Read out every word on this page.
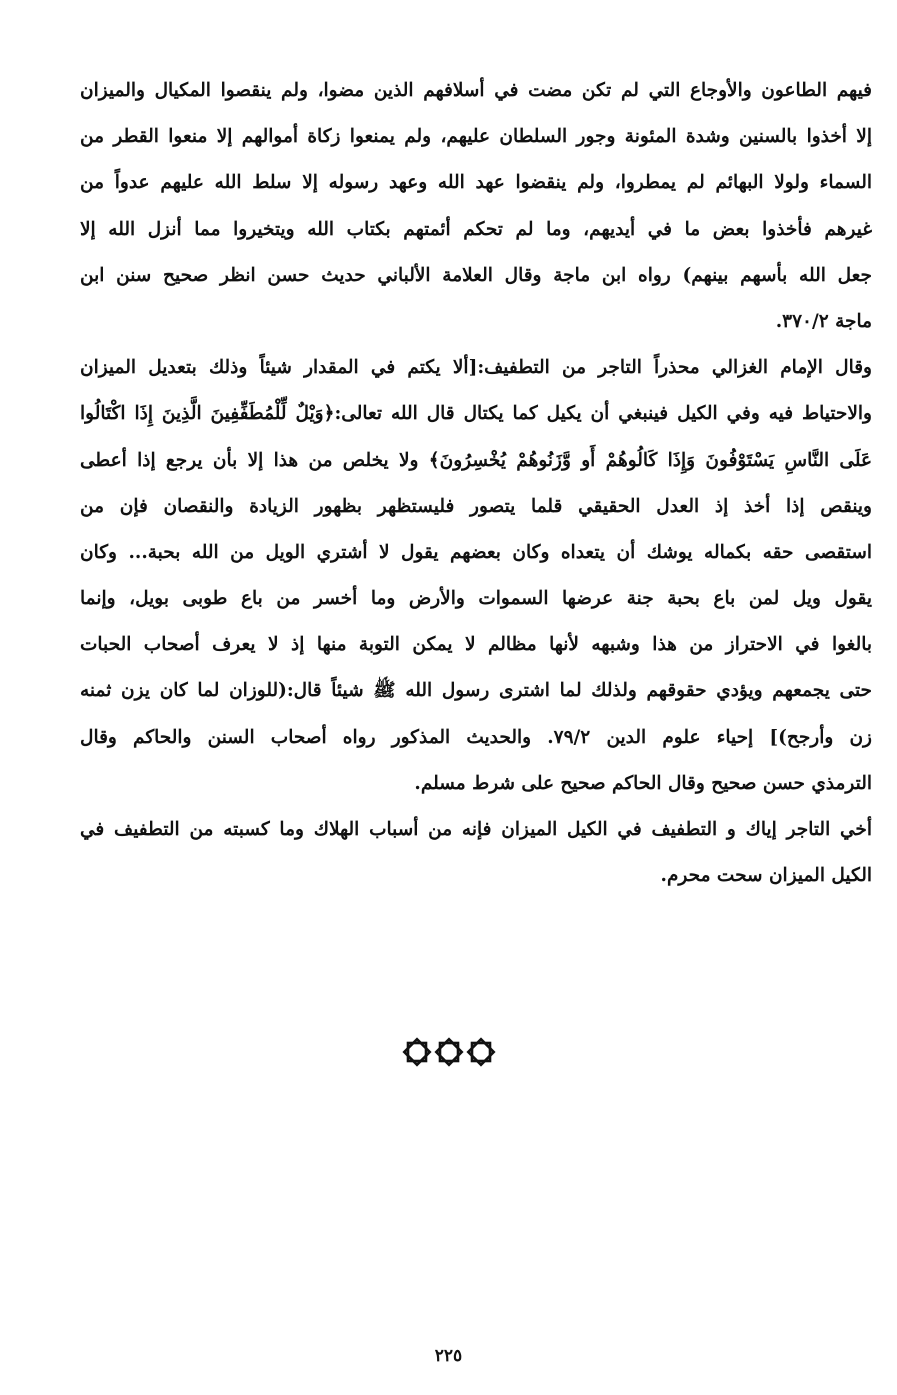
فيهم الطاعون والأوجاع التي لم تكن مضت في أسلافهم الذين مضوا، ولم ينقصوا المكيال والميزان
إلا أخذوا بالسنين وشدة المئونة وجور السلطان عليهم، ولم يمنعوا زكاة أموالهم إلا منعوا القطر من
السماء ولولا البهائم لم يمطروا، ولم ينقضوا عهد الله وعهد رسوله إلا سلط الله عليهم عدواً من
غيرهم فأخذوا بعض ما في أيديهم، وما لم تحكم أئمتهم بكتاب الله ويتخيروا مما أنزل الله إلا
جعل الله بأسهم بينهم) رواه ابن ماجة وقال العلامة الألباني حديث حسن انظر صحيح سنن ابن
ماجة ٣٧٠/٢.
وقال الإمام الغزالي محذراً التاجر من التطفيف:[ألا يكتم في المقدار شيئاً وذلك بتعديل الميزان
والاحتياط فيه وفي الكيل فينبغي أن يكيل كما يكتال قال الله تعالى:﴿وَيْلٌ لِّلْمُطَفِّفِينَ الَّذِينَ إِذَا اكْتَالُوا
عَلَى النَّاسِ يَسْتَوْفُونَ وَإِذَا كَالُوهُمْ أَو وَّزَنُوهُمْ يُخْسِرُونَ﴾ ولا يخلص من هذا إلا بأن يرجع إذا أعطى
وينقص إذا أخذ إذ العدل الحقيقي قلما يتصور فليستظهر بظهور الزيادة والنقصان فإن من
استقصى حقه بكماله يوشك أن يتعداه وكان بعضهم يقول لا أشتري الويل من الله بحبة... وكان
يقول ويل لمن باع بحبة جنة عرضها السموات والأرض وما أخسر من باع طوبى بويل، وإنما
بالغوا في الاحتراز من هذا وشبهه لأنها مظالم لا يمكن التوبة منها إذ لا يعرف أصحاب الحبات
حتى يجمعهم ويؤدي حقوقهم ولذلك لما اشترى رسول الله ﷺ شيئاً قال:(للوزان لما كان يزن ثمنه
زن وأرجح)] إحياء علوم الدين ٧٩/٢. والحديث المذكور رواه أصحاب السنن والحاكم وقال
الترمذي حسن صحيح وقال الحاكم صحيح على شرط مسلم.
أخي التاجر إياك و التطفيف في الكيل الميزان فإنه من أسباب الهلاك وما كسبته من التطفيف في
الكيل الميزان سحت محرم.
٢٢٥
